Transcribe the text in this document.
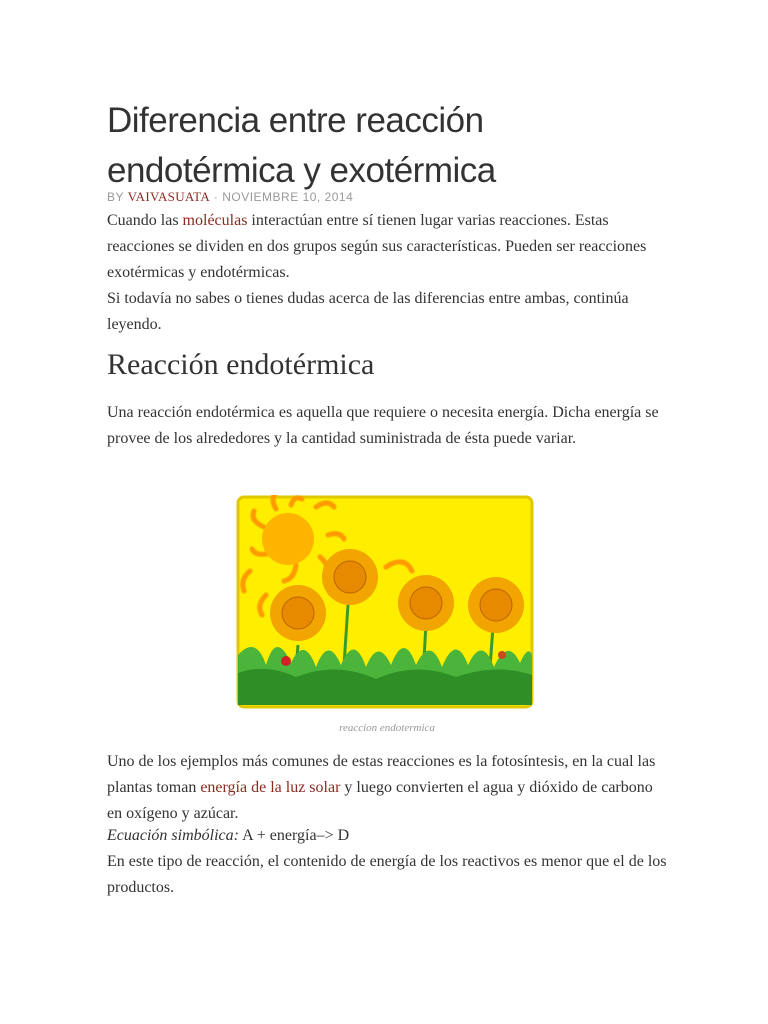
Diferencia entre reacción endotérmica y exotérmica
BY VAIVASUATA · NOVIEMBRE 10, 2014

Cuando las moléculas interactúan entre sí tienen lugar varias reacciones. Estas reacciones se dividen en dos grupos según sus características. Pueden ser reacciones exotérmicas y endotérmicas.

Si todavía no sabes o tienes dudas acerca de las diferencias entre ambas, continúa leyendo.

Reacción endotérmica

Una reacción endotérmica es aquella que requiere o necesita energía. Dicha energía se provee de los alrededores y la cantidad suministrada de ésta puede variar.

reaccion endotermica

Uno de los ejemplos más comunes de estas reacciones es la fotosíntesis, en la cual las plantas toman energía de la luz solar y luego convierten el agua y dióxido de carbono en oxígeno y azúcar.

Ecuación simbólica: A + energía–> D

En este tipo de reacción, el contenido de energía de los reactivos es menor que el de los productos.
